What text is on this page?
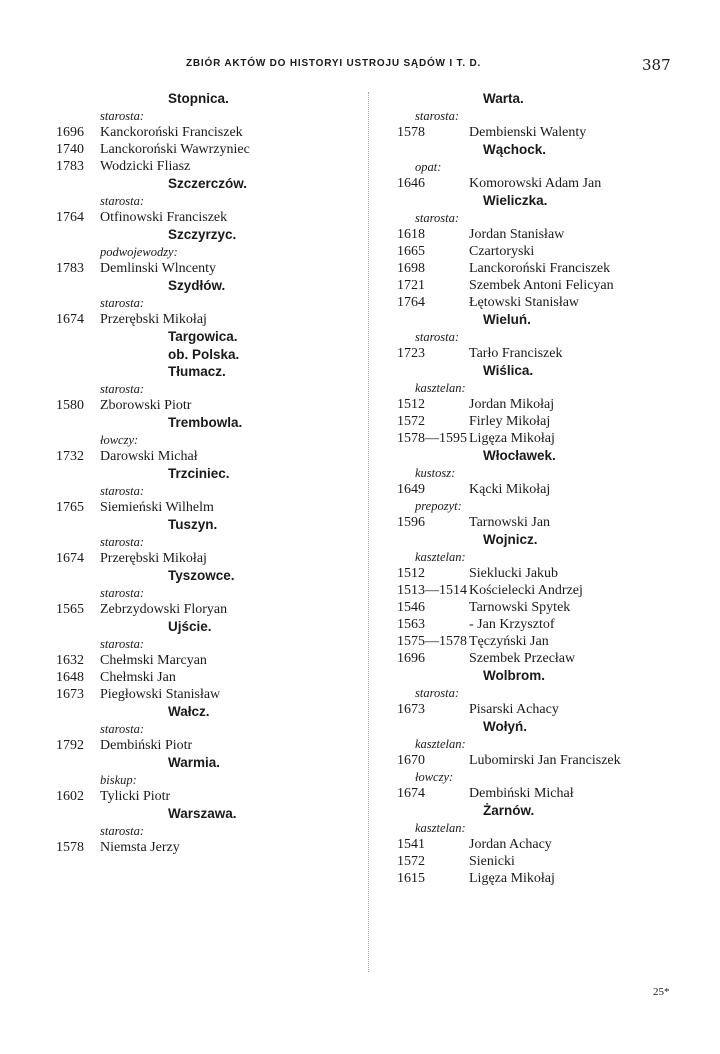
ZBIÓR AKTÓW DO HISTORYI USTROJU SĄDÓW I T. D.	387
Stopnica.
starosta:
1696	Kanckoroński Franciszek
1740	Lanckoroński Wawrzyniec
1783	Wodzicki Fliasz
Szczerczów.
starosta:
1764	Otfinowski Franciszek
Szczyrzyc.
podwojewodzy:
1783	Demlinski Wlncenty
Szydłów.
starosta:
1674	Przerębski Mikołaj
Targowica.
ob. Polska.
Tłumacz.
starosta:
1580	Zborowski Piotr
Trembowla.
łowczy:
1732	Darowski Michał
Trzciniec.
starosta:
1765	Siemieński Wilhelm
Tuszyn.
starosta:
1674	Przerębski Mikołaj
Tyszowce.
starosta:
1565	Zebrzydowski Floryan
Ujście.
starosta:
1632	Chełmski Marcyan
1648	Chełmski Jan
1673	Piegłowski Stanisław
Wałcz.
starosta:
1792	Dembiński Piotr
Warmia.
biskup:
1602	Tylicki Piotr
Warszawa.
starosta:
1578	Niemsta Jerzy
Warta.
starosta:
1578	Dembienski Walenty
Wąchock.
opat:
1646	Komorowski Adam Jan
Wieliczka.
starosta:
1618	Jordan Stanisław
1665	Czartoryski
1698	Lanckoroński Franciszek
1721	Szembek Antoni Felicyan
1764	Łętowski Stanisław
Wieluń.
starosta:
1723	Tarło Franciszek
Wiślica.
kasztelan:
1512	Jordan Mikołaj
1572	Firley Mikołaj
1578—1595 Ligęza Mikołaj
Włocławek.
kustosz:
1649	Kącki Mikołaj
prepozyt:
1596	Tarnowski Jan
Wojnicz.
kasztelan:
1512	Sieklucki Jakub
1513—1514 Kościelecki Andrzej
1546	Tarnowski Spytek
1563	- Jan Krzysztof
1575—1578 Tęczyński Jan
1696	Szembek Przecław
Wolbrom.
starosta:
1673	Pisarski Achacy
Wołyń.
kasztelan:
1670	Lubomirski Jan Franciszek
łowczy:
1674	Dembiński Michał
Żarnów.
kasztelan:
1541	Jordan Achacy
1572	Sienicki
1615	Ligęza Mikołaj
25*
